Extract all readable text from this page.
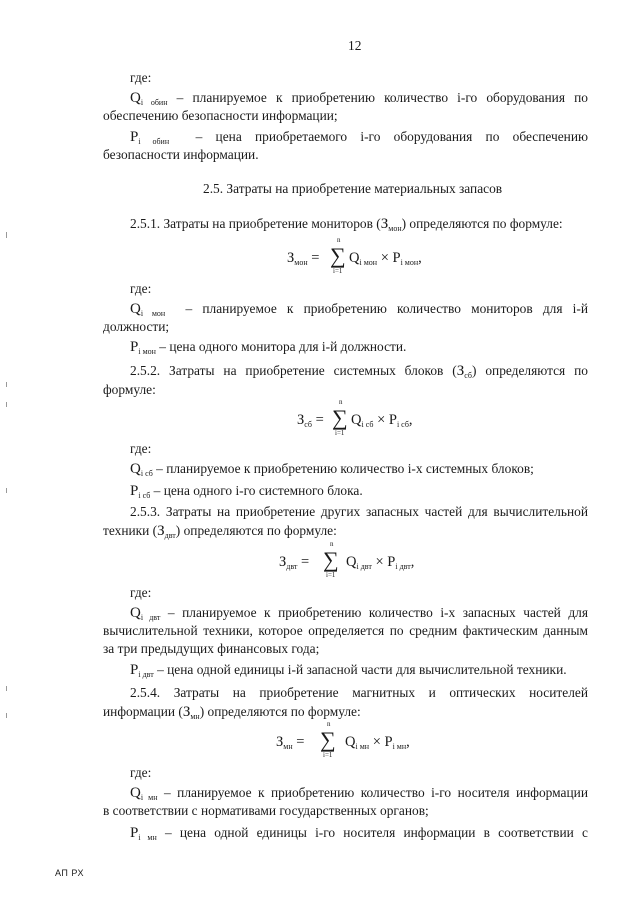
12
где:
$Q_{i обин}$ – планируемое к приобретению количество i-го оборудования по
обеспечению безопасности информации;
$P_{i обин}$ – цена приобретаемого i-го оборудования по обеспечению
безопасности информации.
2.5. Затраты на приобретение материальных запасов
2.5.1. Затраты на приобретение мониторов $(З_{мон})$ определяются по формуле:
$З_{мон}$ =
n
∑
i=1
$Q_{i мон} \times P_{i мон}$,
где:
$Q_{i мон}$ – планируемое к приобретению количество мониторов для i-й
должности;
$P_{i мон}$ – цена одного монитора для i-й должности.
2.5.2. Затраты на приобретение системных блоков $(З_{сб})$ определяются по
формуле:
$З_{сб}$ =
n
∑
i=1
$Q_{i сб} \times P_{i сб}$,
где:
$Q_{i сб}$ – планируемое к приобретению количество i-х системных блоков;
$P_{i сб}$ – цена одного i-го системного блока.
2.5.3. Затраты на приобретение других запасных частей для вычислительной
техники $(З_{двт})$ определяются по формуле:
$З_{двт}$ =
n
∑
i=1
$Q_{i двт} \times P_{i двт}$,
где:
$Q_{i двт}$ – планируемое к приобретению количество i-х запасных частей для
вычислительной техники, которое определяется по средним фактическим данным
за три предыдущих финансовых года;
$P_{i двт}$ – цена одной единицы i-й запасной части для вычислительной техники.
2.5.4. Затраты на приобретение магнитных и оптических носителей
информации $(З_{мн})$ определяются по формуле:
$З_{мн}$ =
n
∑
i=1
$Q_{i мн} \times P_{i мн}$,
где:
$Q_{i мн}$ – планируемое к приобретению количество i-го носителя информации
в соответствии с нормативами государственных органов;
$P_{i мн}$ – цена одной единицы i-го носителя информации в соответствии с
АП РХ
